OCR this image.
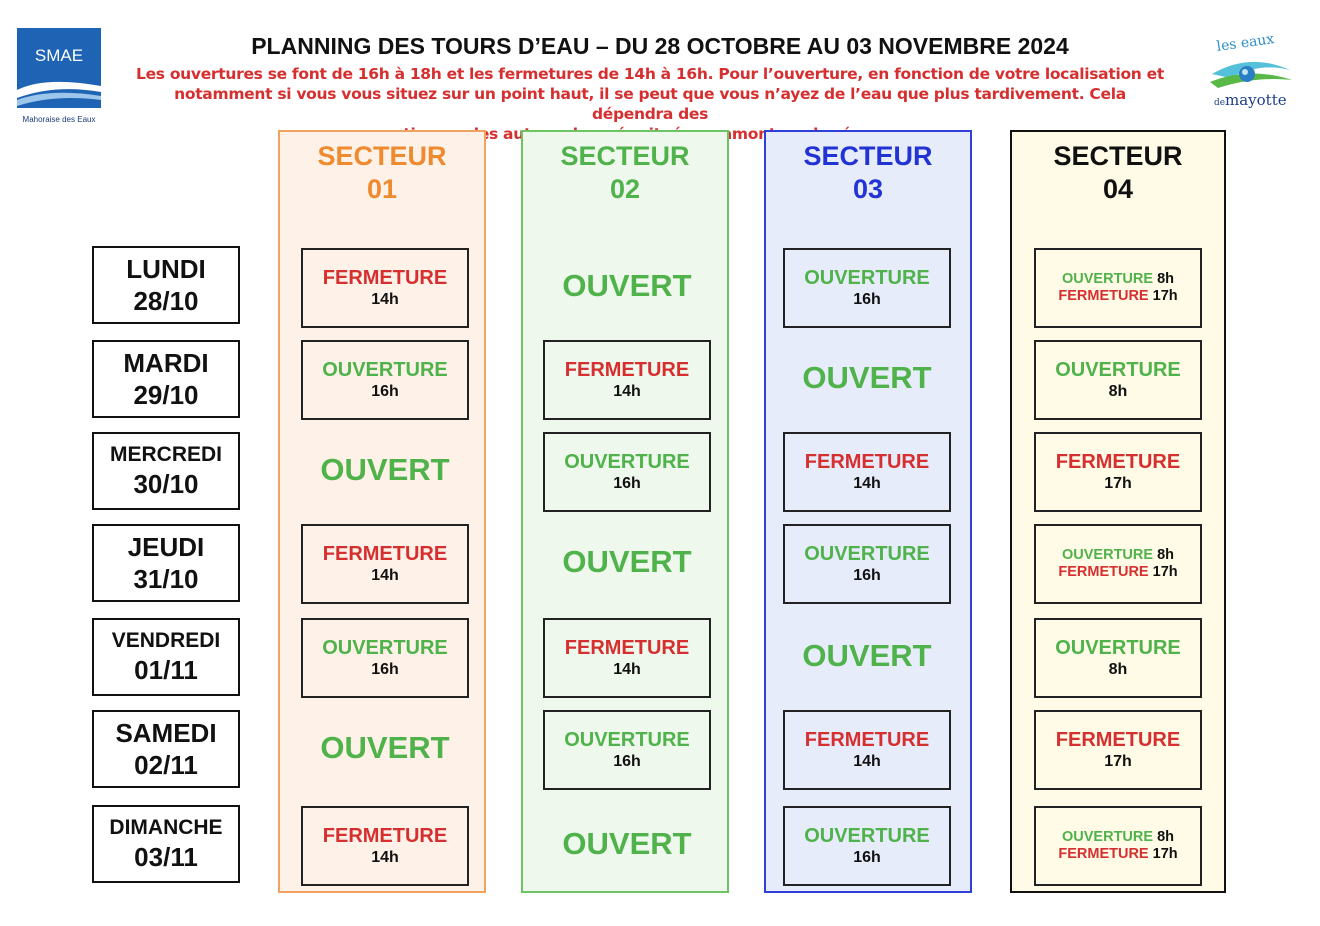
SMAE
Mahoraise des Eaux
les eaux
de mayotte
PLANNING DES TOURS D’EAU – DU 28 OCTOBRE AU 03 NOVEMBRE 2024
Les ouvertures se font de 16h à 18h et les fermetures de 14h à 16h. Pour l’ouverture, en fonction de votre localisation et
notamment si vous vous situez sur un point haut, il se peut que vous n’ayez de l’eau que plus tardivement. Cela dépendra des
amont
LUNDI
28/10
MARDI
29/10
MERCREDI
30/10
JEUDI
31/10
VENDREDI
01/11
SAMEDI
02/11
DIMANCHE
03/11
SECTEUR
01
FERMETURE
14h
OUVERTURE
16h
OUVERT
FERMETURE
14h
OUVERTURE
16h
OUVERT
FERMETURE
14h
SECTEUR
02
OUVERT
FERMETURE
14h
OUVERTURE
16h
OUVERT
FERMETURE
14h
OUVERTURE
16h
OUVERT
SECTEUR
03
OUVERTURE
16h
OUVERT
FERMETURE
14h
OUVERTURE
16h
OUVERT
FERMETURE
14h
OUVERTURE
16h
SECTEUR
04
OUVERTURE 8h
FERMETURE 17h
OUVERTURE
8h
FERMETURE
17h
OUVERTURE 8h
FERMETURE 17h
OUVERTURE
8h
FERMETURE
17h
OUVERTURE 8h
FERMETURE 17h
